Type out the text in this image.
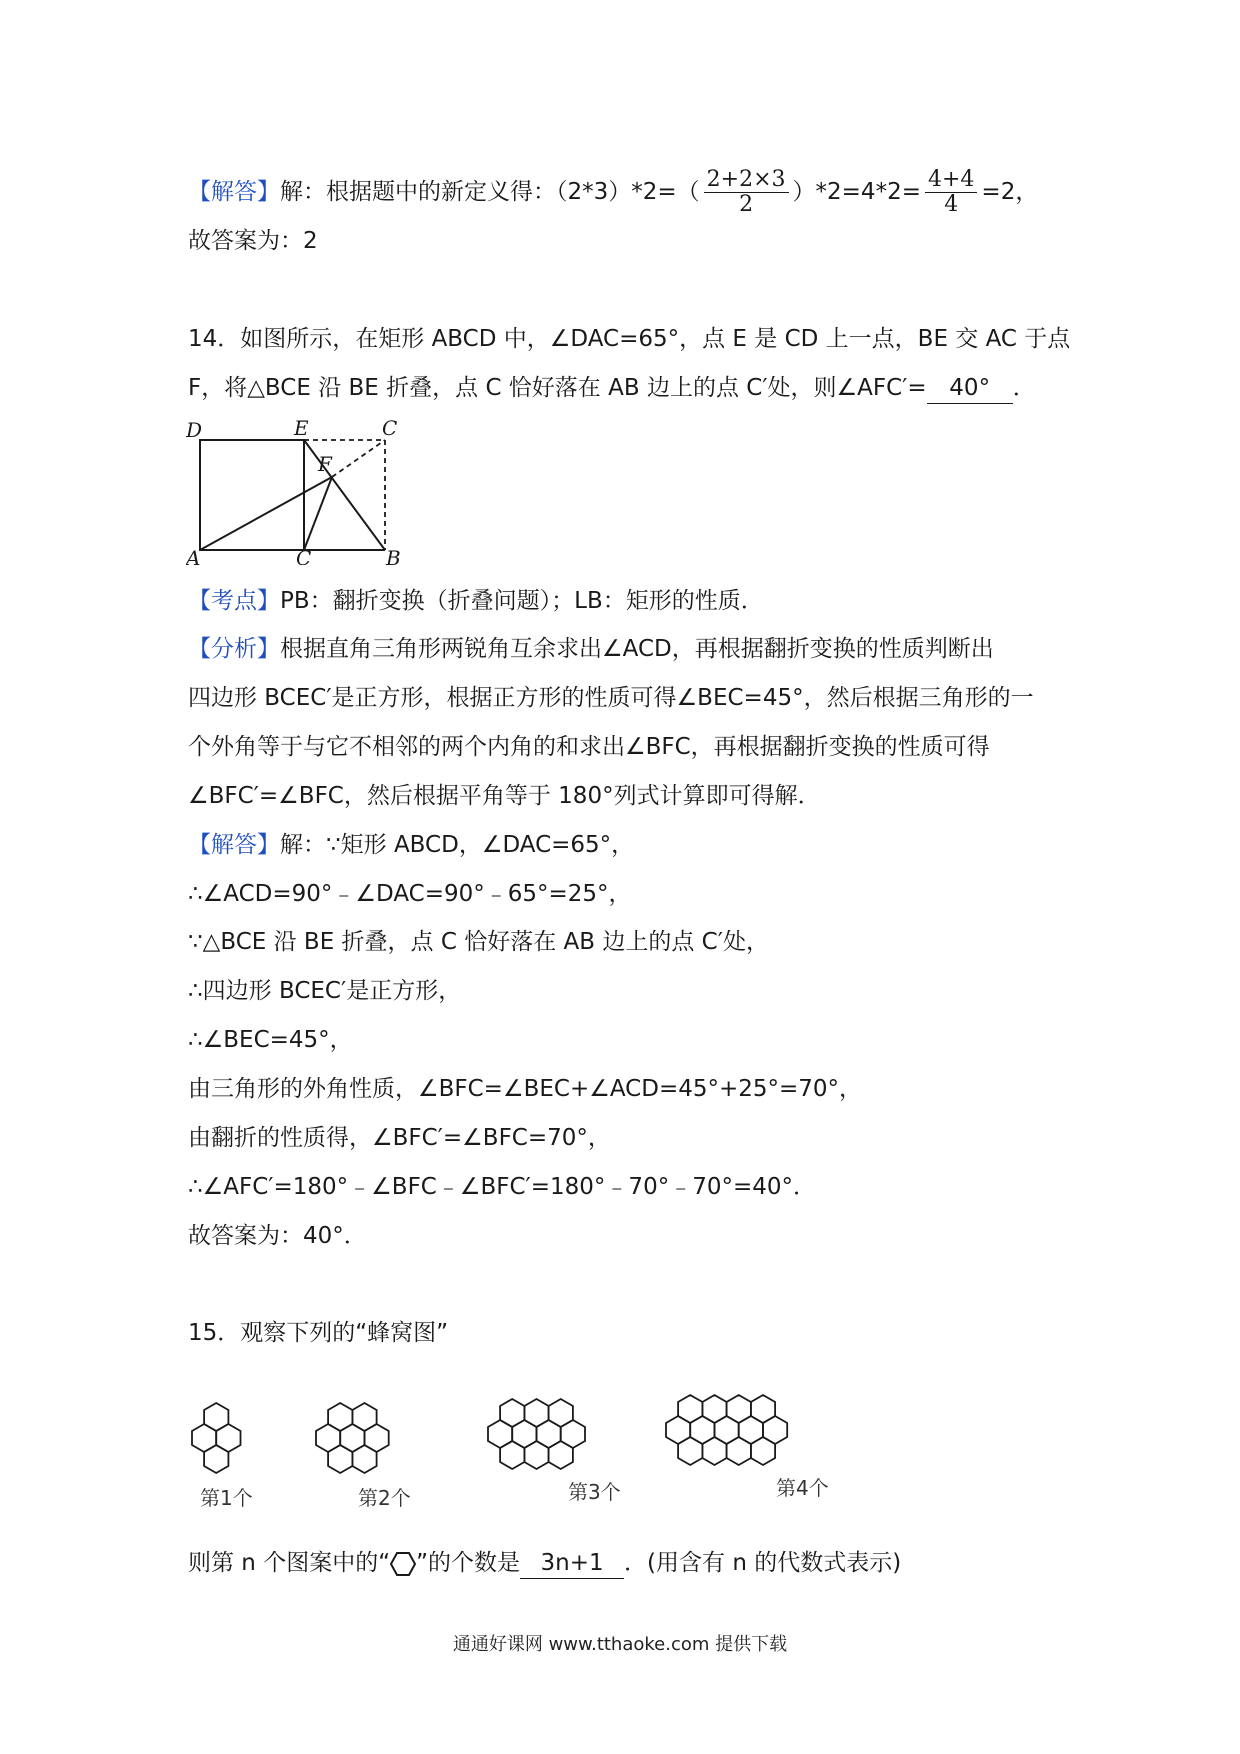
【解答】解：根据题中的新定义得：$(2*3)*2=( \frac{2+2\times 3}{2} )*2=4*2= \frac{4+4}{4} =2$，
故答案为：2
14．如图所示，在矩形 ABCD 中，∠DAC=65°，点 E 是 CD 上一点，BE 交 AC 于点
F，将△BCE 沿 BE 折叠，点 C 恰好落在 AB 边上的点 C′处，则∠AFC′= 40° ．
D	E	C
F
A	C	B
【考点】PB：翻折变换（折叠问题）；LB：矩形的性质．
【分析】根据直角三角形两锐角互余求出∠ACD，再根据翻折变换的性质判断出
四边形 BCEC′是正方形，根据正方形的性质可得∠BEC=45°，然后根据三角形的一
个外角等于与它不相邻的两个内角的和求出∠BFC，再根据翻折变换的性质可得
∠BFC′=∠BFC，然后根据平角等于 180°列式计算即可得解．
【解答】解：∵矩形 ABCD，∠DAC=65°，
∴∠ACD=90°﹣∠DAC=90°﹣65°=25°，
∵△BCE 沿 BE 折叠，点 C 恰好落在 AB 边上的点 C′处，
∴四边形 BCEC′是正方形，
∴∠BEC=45°，
由三角形的外角性质，∠BFC=∠BEC+∠ACD=45°+25°=70°，
由翻折的性质得，∠BFC′=∠BFC=70°，
∴∠AFC′=180°﹣∠BFC﹣∠BFC′=180°﹣70°﹣70°=40°．
故答案为：40°．
15．观察下列的“蜂窝图”
第1个	第2个	第3个	第4个
则第 n 个图案中的“ ”的个数是 3n+1 ．(用含有 n 的代数式表示)
通通好课网 www.tthaoke.com 提供下载
